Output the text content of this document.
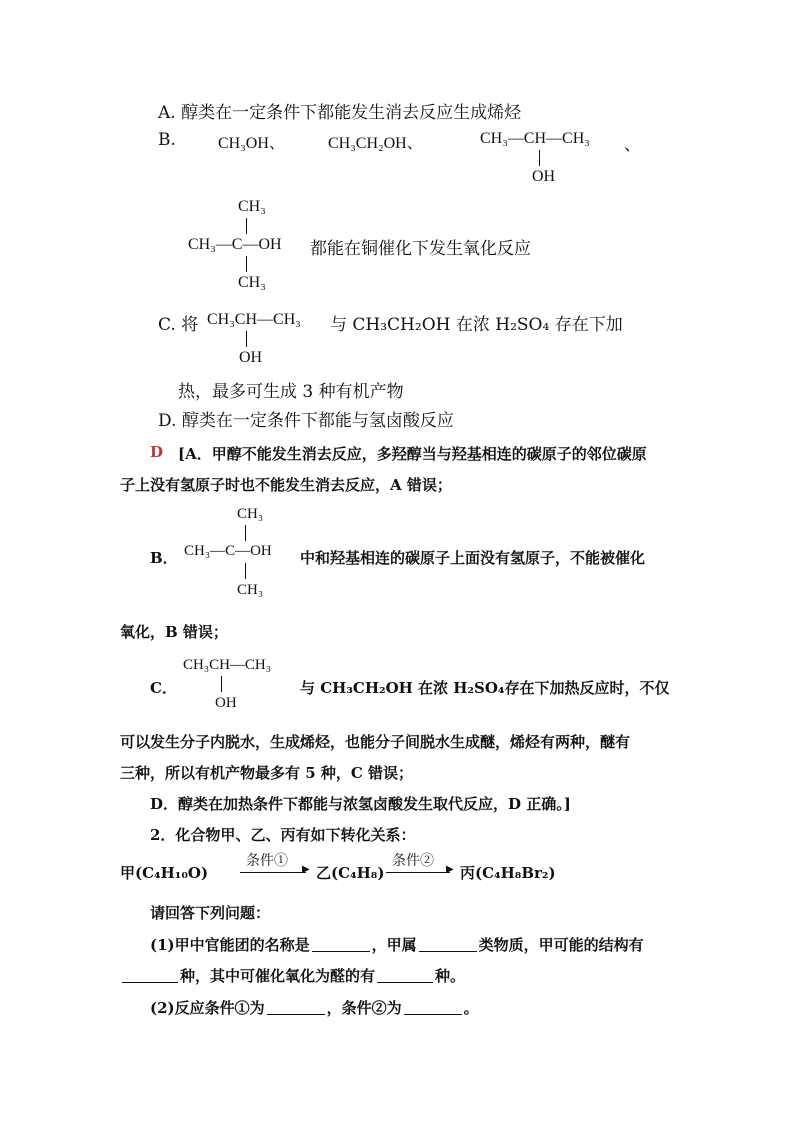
A. 醇类在一定条件下都能发生消去反应生成烯烃
B.	CH₃OH、	CH₃CH₂OH、	CH₃—CH—CH₃
OH
、
CH₃
CH₃—C—OH
CH₃
都能在铜催化下发生氧化反应
C. 将 CH₃CH—CH₃
OH
与 CH₃CH₂OH 在浓 H₂SO₄ 存在下加
热，最多可生成 3 种有机产物
D. 醇类在一定条件下都能与氢卤酸反应
D [A．甲醇不能发生消去反应，多羟醇当与羟基相连的碳原子的邻位碳原
子上没有氢原子时也不能发生消去反应，A 错误；
B．
CH₃
CH₃—C—OH
CH₃
中和羟基相连的碳原子上面没有氢原子，不能被催化
氧化，B 错误；
C．
CH₃CH—CH₃
OH
与 CH₃CH₂OH 在浓 H₂SO₄存在下加热反应时，不仅
可以发生分子内脱水，生成烯烃，也能分子间脱水生成醚，烯烃有两种，醚有
三种，所以有机产物最多有 5 种，C 错误；
D．醇类在加热条件下都能与浓氢卤酸发生取代反应，D 正确。]
2．化合物甲、乙、丙有如下转化关系：
甲(C₄H₁₀O)
条件①
▶ 乙(C₄H₈)
条件②
▶ 丙(C₄H₈Br₂)
请回答下列问题：
(1)甲中官能团的名称是	，甲属	类物质，甲可能的结构有
种，其中可催化氧化为醛的有	种。
(2)反应条件①为	，条件②为	。
